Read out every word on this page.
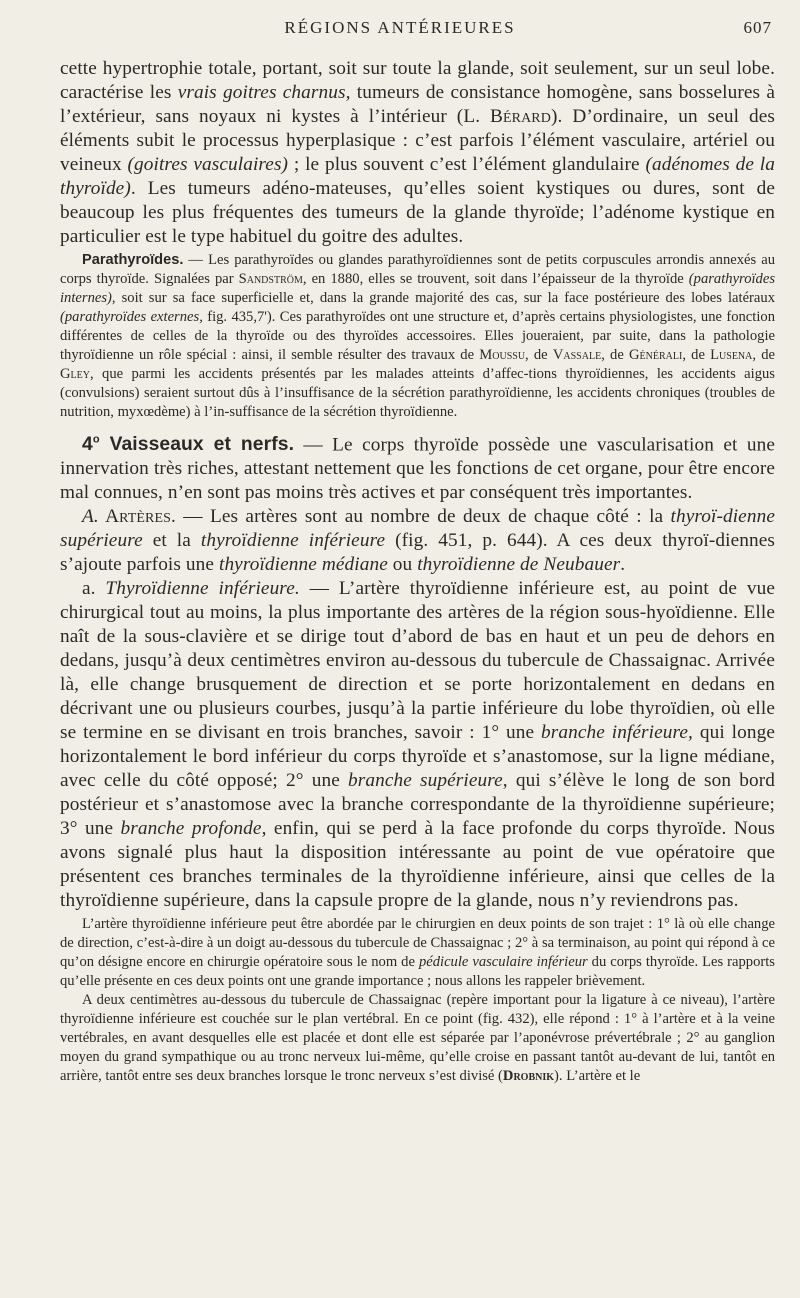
RÉGIONS ANTÉRIEURES	607

cette hypertrophie totale, portant, soit sur toute la glande, soit seulement, sur un seul lobe. caractérise les vrais goitres charnus, tumeurs de consistance homogène, sans bosselures à l’extérieur, sans noyaux ni kystes à l’intérieur (L. Bérard). D’ordinaire, un seul des éléments subit le processus hyperplasique : c’est parfois l’élément vasculaire, artériel ou veineux (goitres vasculaires) ; le plus souvent c’est l’élément glandulaire (adénomes de la thyroïde). Les tumeurs adéno-mateuses, qu’elles soient kystiques ou dures, sont de beaucoup les plus fréquentes des tumeurs de la glande thyroïde; l’adénome kystique en particulier est le type habituel du goitre des adultes.

Parathyroïdes. — Les parathyroïdes ou glandes parathyroïdiennes sont de petits corpuscules arrondis annexés au corps thyroïde. Signalées par Sandström, en 1880, elles se trouvent, soit dans l’épaisseur de la thyroïde (parathyroïdes internes), soit sur sa face superficielle et, dans la grande majorité des cas, sur la face postérieure des lobes latéraux (parathyroïdes externes, fig. 435,7'). Ces parathyroïdes ont une structure et, d’après certains physiologistes, une fonction différentes de celles de la thyroïde ou des thyroïdes accessoires. Elles joueraient, par suite, dans la pathologie thyroïdienne un rôle spécial : ainsi, il semble résulter des travaux de Moussu, de Vassale, de Générali, de Lusena, de Gley, que parmi les accidents présentés par les malades atteints d’affec-tions thyroïdiennes, les accidents aigus (convulsions) seraient surtout dûs à l’insuffisance de la sécrétion parathyroïdienne, les accidents chroniques (troubles de nutrition, myxœdème) à l’in-suffisance de la sécrétion thyroïdienne.

4$^o$ Vaisseaux et nerfs. — Le corps thyroïde possède une vascularisation et une innervation très riches, attestant nettement que les fonctions de cet organe, pour être encore mal connues, n’en sont pas moins très actives et par conséquent très importantes.

A. Artères. — Les artères sont au nombre de deux de chaque côté : la thyroï-dienne supérieure et la thyroïdienne inférieure (fig. 451, p. 644). A ces deux thyroï-diennes s’ajoute parfois une thyroïdienne médiane ou thyroïdienne de Neubauer.

a. Thyroïdienne inférieure. — L’artère thyroïdienne inférieure est, au point de vue chirurgical tout au moins, la plus importante des artères de la région sous-hyoïdienne. Elle naît de la sous-clavière et se dirige tout d’abord de bas en haut et un peu de dehors en dedans, jusqu’à deux centimètres environ au-dessous du tubercule de Chassaignac. Arrivée là, elle change brusquement de direction et se porte horizontalement en dedans en décrivant une ou plusieurs courbes, jusqu’à la partie inférieure du lobe thyroïdien, où elle se termine en se divisant en trois branches, savoir : 1° une branche inférieure, qui longe horizontalement le bord inférieur du corps thyroïde et s’anastomose, sur la ligne médiane, avec celle du côté opposé; 2° une branche supérieure, qui s’élève le long de son bord postérieur et s’anastomose avec la branche correspondante de la thyroïdienne supérieure; 3° une branche profonde, enfin, qui se perd à la face profonde du corps thyroïde. Nous avons signalé plus haut la disposition intéressante au point de vue opératoire que présentent ces branches terminales de la thyroïdienne inférieure, ainsi que celles de la thyroïdienne supérieure, dans la capsule propre de la glande, nous n’y reviendrons pas.

L’artère thyroïdienne inférieure peut être abordée par le chirurgien en deux points de son trajet : 1° là où elle change de direction, c’est-à-dire à un doigt au-dessous du tubercule de Chassaignac ; 2° à sa terminaison, au point qui répond à ce qu’on désigne encore en chirurgie opératoire sous le nom de pédicule vasculaire inférieur du corps thyroïde. Les rapports qu’elle présente en ces deux points ont une grande importance ; nous allons les rappeler brièvement.

A deux centimètres au-dessous du tubercule de Chassaignac (repère important pour la ligature à ce niveau), l’artère thyroïdienne inférieure est couchée sur le plan vertébral. En ce point (fig. 432), elle répond : 1° à l’artère et à la veine vertébrales, en avant desquelles elle est placée et dont elle est séparée par l’aponévrose prévertébrale ; 2° au ganglion moyen du grand sympathique ou au tronc nerveux lui-même, qu’elle croise en passant tantôt au-devant de lui, tantôt en arrière, tantôt entre ses deux branches lorsque le tronc nerveux s’est divisé (Drobnik). L’artère et le
